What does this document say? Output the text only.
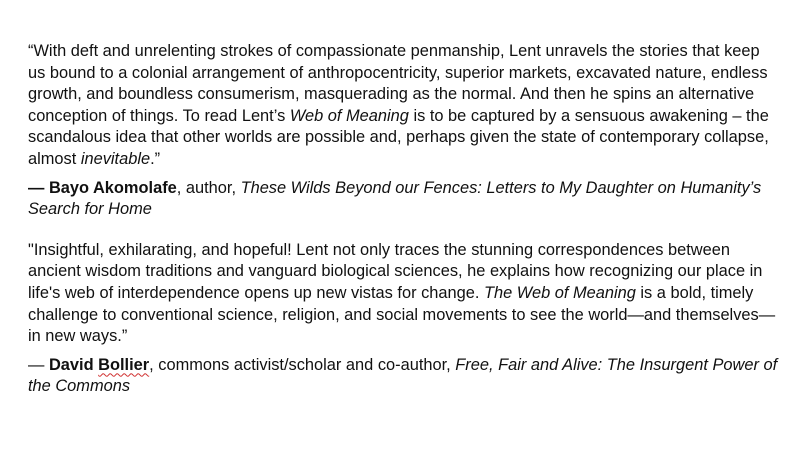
“With deft and unrelenting strokes of compassionate penmanship, Lent unravels the stories that keep us bound to a colonial arrangement of anthropocentricity, superior markets, excavated nature, endless growth, and boundless consumerism, masquerading as the normal. And then he spins an alternative conception of things. To read Lent’s Web of Meaning is to be captured by a sensuous awakening – the scandalous idea that other worlds are possible and, perhaps given the state of contemporary collapse, almost inevitable.”

— Bayo Akomolafe, author, These Wilds Beyond our Fences: Letters to My Daughter on Humanity’s Search for Home

"Insightful, exhilarating, and hopeful! Lent not only traces the stunning correspondences between ancient wisdom traditions and vanguard biological sciences, he explains how recognizing our place in life's web of interdependence opens up new vistas for change. The Web of Meaning is a bold, timely challenge to conventional science, religion, and social movements to see the world—and themselves—in new ways.”

— David Bollier, commons activist/scholar and co-author, Free, Fair and Alive: The Insurgent Power of the Commons
